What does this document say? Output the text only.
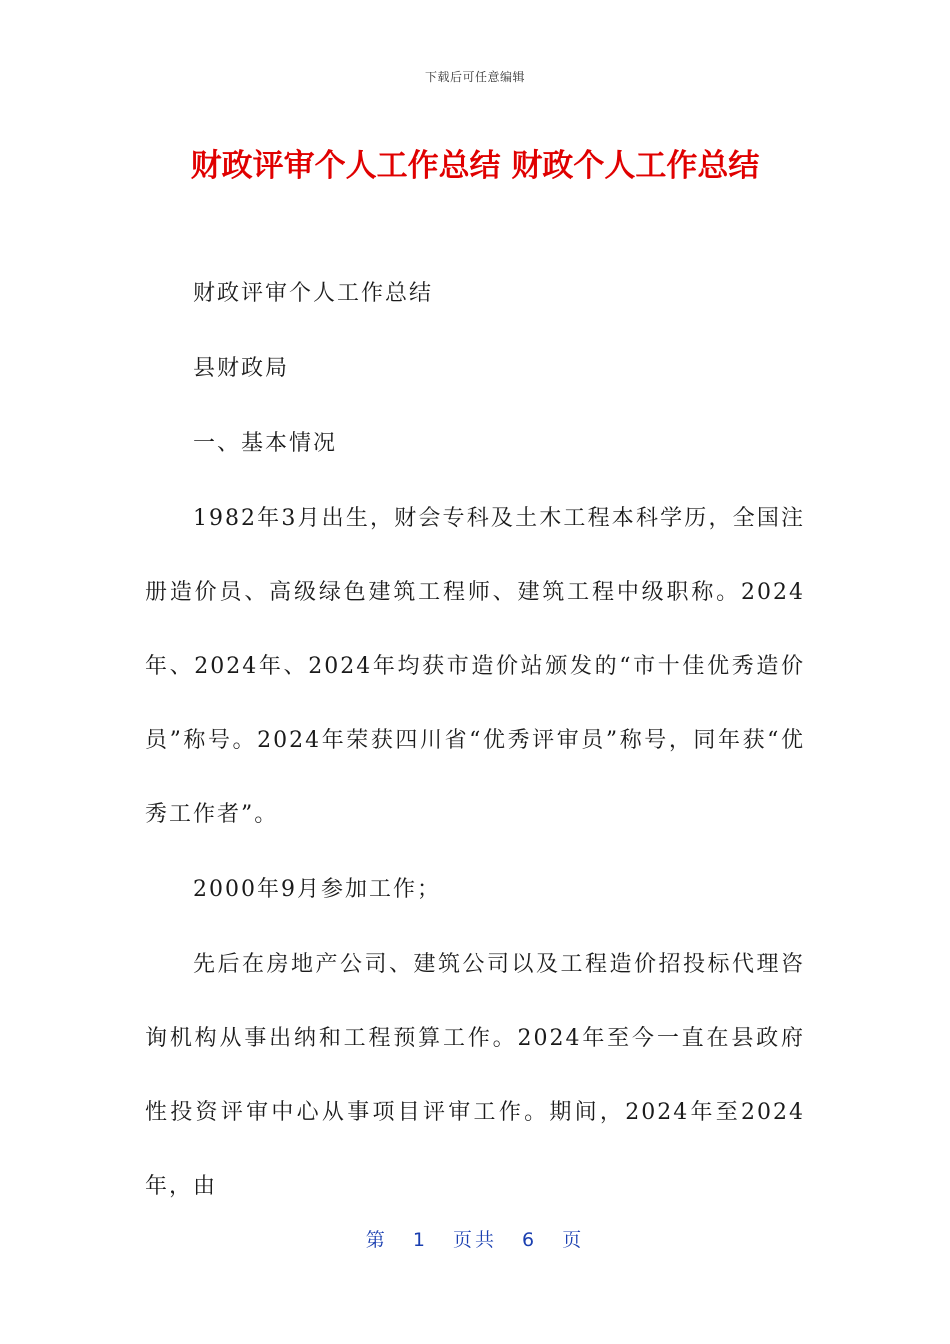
下载后可任意编辑
财政评审个人工作总结 财政个人工作总结

财政评审个人工作总结

县财政局

一、基本情况

1982年3月出生，财会专科及土木工程本科学历，全国注册造价员、高级绿色建筑工程师、建筑工程中级职称。2024年、2024年、2024年均获市造价站颁发的“市十佳优秀造价员”称号。2024年荣获四川省“优秀评审员”称号，同年获“优秀工作者”。

2000年9月参加工作；

先后在房地产公司、建筑公司以及工程造价招投标代理咨询机构从事出纳和工程预算工作。2024年至今一直在县政府性投资评审中心从事项目评审工作。期间，2024年至2024年，由

第 1 页共 6 页
